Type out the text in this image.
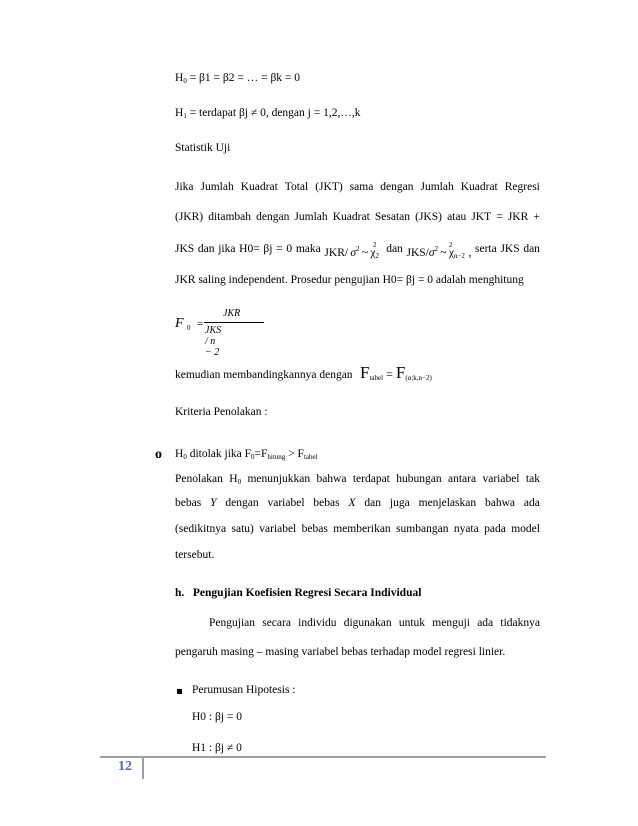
$H_0 = \beta 1 = \beta 2$ = … = βk = 0
$H_1$ = terdapat βj ≠ 0, dengan j = 1,2,…,k
Statistik Uji
Jika Jumlah Kuadrat Total (JKT) sama dengan Jumlah Kuadrat Regresi
(JKR) ditambah dengan Jumlah Kuadrat Sesatan (JKS) atau JKT = JKR +
JKS dan jika H0= βj = 0 maka JKR/ $\sigma^2$ ~ $\chi_2^2$ dan JKS/$\sigma^2$ ~ $\chi_{n-2}^2$, serta JKS dan
JKR saling independent. Prosedur pengujian H0= βj = 0 adalah menghitung
F 0 =
JKR
JKS / n − 2
kemudian membandingkannya dengan $F_{tabel} = F_{(\alpha;k,n-2)}$
Kriteria Penolakan :
o $H_0$ ditolak jika $F_0=F_{hitung} > F_{tabel}$
Penolakan $H_0$ menunjukkan bahwa terdapat hubungan antara variabel tak
bebas Y dengan variabel bebas X dan juga menjelaskan bahwa ada
(sedikitnya satu) variabel bebas memberikan sumbangan nyata pada model
tersebut.
h.   Pengujian Koefisien Regresi Secara Individual
Pengujian secara individu digunakan untuk menguji ada tidaknya
pengaruh masing – masing variabel bebas terhadap model regresi linier.
Perumusan Hipotesis :
H0 : βj = 0
H1 : βj ≠ 0
12
